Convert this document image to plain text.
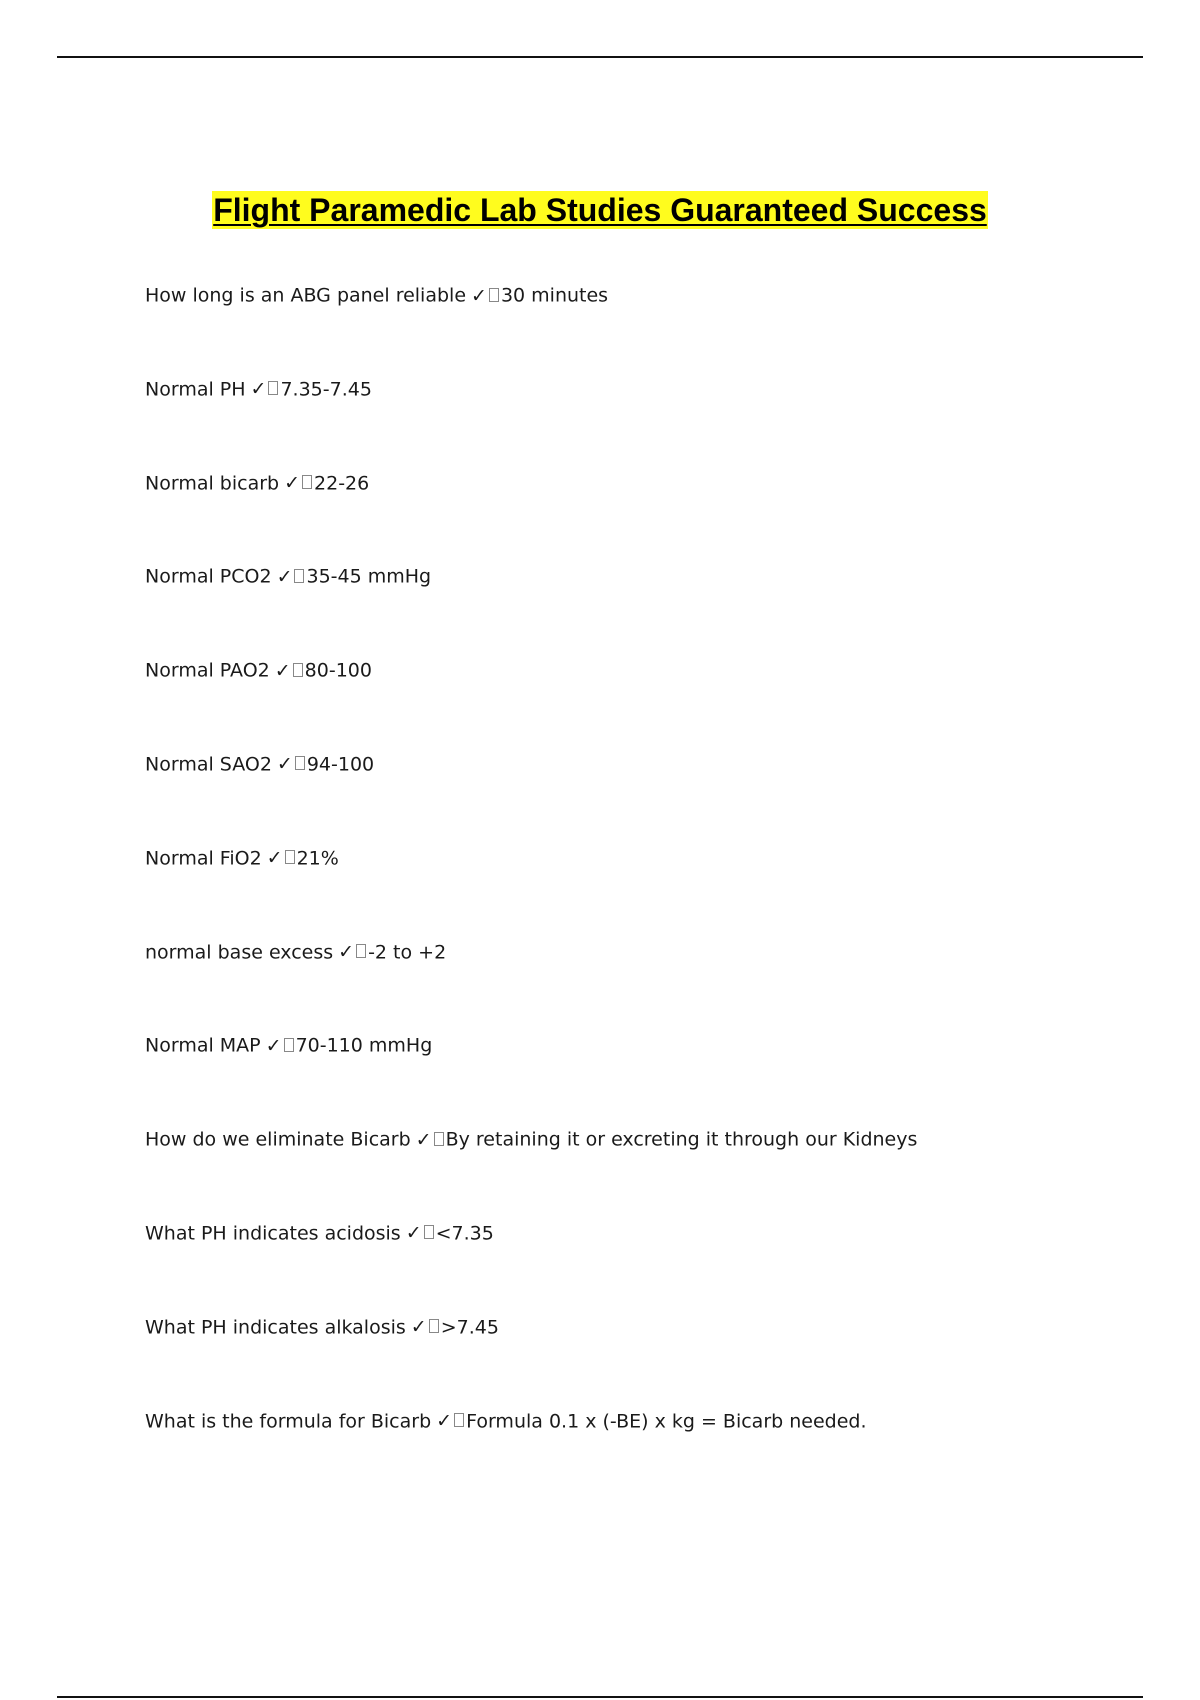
Flight Paramedic Lab Studies Guaranteed Success
How long is an ABG panel reliable ✓ 30 minutes
Normal PH ✓ 7.35-7.45
Normal bicarb ✓ 22-26
Normal PCO2 ✓ 35-45 mmHg
Normal PAO2 ✓ 80-100
Normal SAO2 ✓ 94-100
Normal FiO2 ✓ 21%
normal base excess ✓ -2 to +2
Normal MAP ✓ 70-110 mmHg
How do we eliminate Bicarb ✓ By retaining it or excreting it through our Kidneys
What PH indicates acidosis ✓ <7.35
What PH indicates alkalosis ✓ >7.45
What is the formula for Bicarb ✓ Formula 0.1 x (-BE) x kg = Bicarb needed.
